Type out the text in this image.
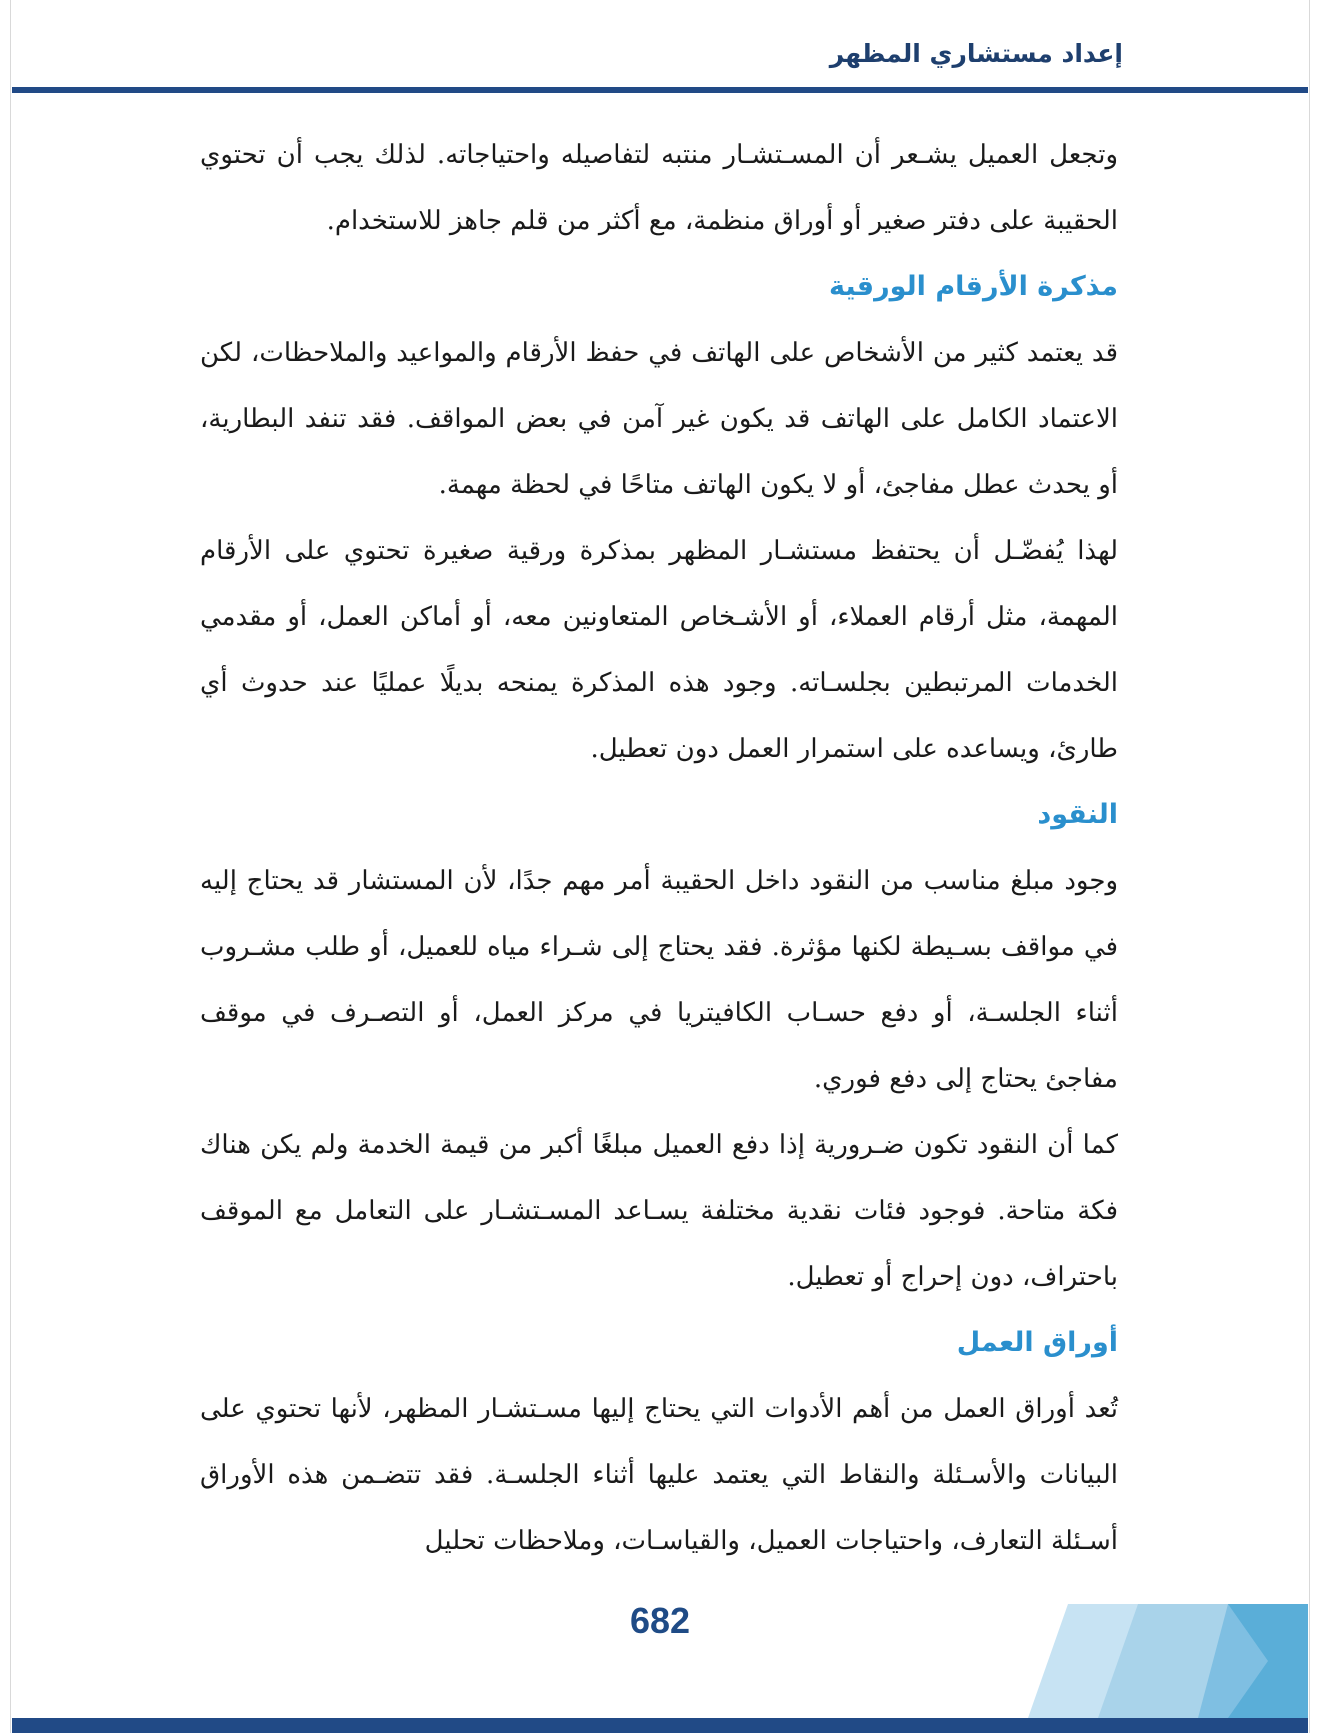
إعداد مستشاري المظهر

وتجعل العميل يشـعر أن المسـتشـار منتبه لتفاصيله واحتياجاته. لذلك يجب أن تحتوي الحقيبة على دفتر صغير أو أوراق منظمة، مع أكثر من قلم جاهز للاستخدام.

مذكرة الأرقام الورقية

قد يعتمد كثير من الأشخاص على الهاتف في حفظ الأرقام والمواعيد والملاحظات، لكن الاعتماد الكامل على الهاتف قد يكون غير آمن في بعض المواقف. فقد تنفد البطارية، أو يحدث عطل مفاجئ، أو لا يكون الهاتف متاحًا في لحظة مهمة.

لهذا يُفضّـل أن يحتفظ مستشـار المظهر بمذكرة ورقية صغيرة تحتوي على الأرقام المهمة، مثل أرقام العملاء، أو الأشـخاص المتعاونين معه، أو أماكن العمل، أو مقدمي الخدمات المرتبطين بجلسـاته. وجود هذه المذكرة يمنحه بديلًا عمليًا عند حدوث أي طارئ، ويساعده على استمرار العمل دون تعطيل.

النقود

وجود مبلغ مناسب من النقود داخل الحقيبة أمر مهم جدًا، لأن المستشار قد يحتاج إليه في مواقف بسـيطة لكنها مؤثرة. فقد يحتاج إلى شـراء مياه للعميل، أو طلب مشـروب أثناء الجلسـة، أو دفع حسـاب الكافيتريا في مركز العمل، أو التصـرف في موقف مفاجئ يحتاج إلى دفع فوري.

كما أن النقود تكون ضـرورية إذا دفع العميل مبلغًا أكبر من قيمة الخدمة ولم يكن هناك فكة متاحة. فوجود فئات نقدية مختلفة يسـاعد المسـتشـار على التعامل مع الموقف باحتراف، دون إحراج أو تعطيل.

أوراق العمل

تُعد أوراق العمل من أهم الأدوات التي يحتاج إليها مسـتشـار المظهر، لأنها تحتوي على البيانات والأسـئلة والنقاط التي يعتمد عليها أثناء الجلسـة. فقد تتضـمن هذه الأوراق أسـئلة التعارف، واحتياجات العميل، والقياسـات، وملاحظات تحليل

682
